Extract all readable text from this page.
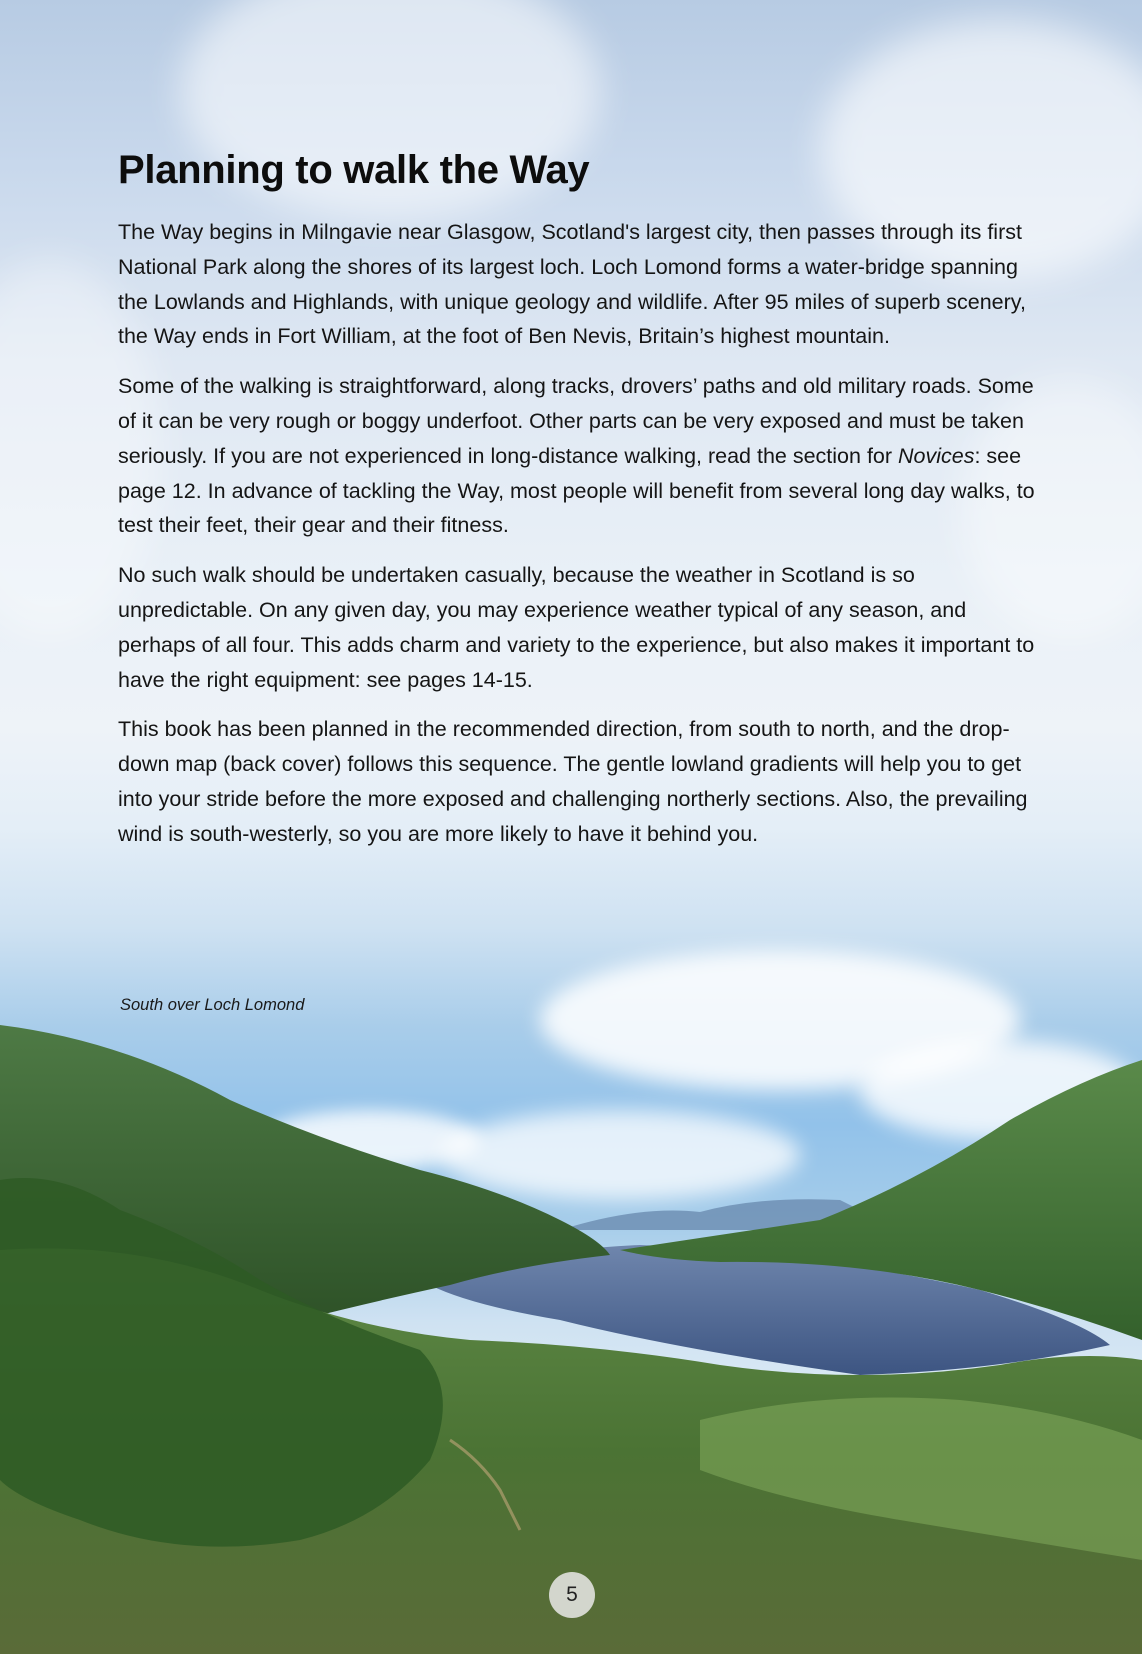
Planning to walk the Way

The Way begins in Milngavie near Glasgow, Scotland's largest city, then passes through its first National Park along the shores of its largest loch. Loch Lomond forms a water-bridge spanning the Lowlands and Highlands, with unique geology and wildlife. After 95 miles of superb scenery, the Way ends in Fort William, at the foot of Ben Nevis, Britain’s highest mountain.

Some of the walking is straightforward, along tracks, drovers’ paths and old military roads. Some of it can be very rough or boggy underfoot. Other parts can be very exposed and must be taken seriously. If you are not experienced in long-distance walking, read the section for Novices: see page 12. In advance of tackling the Way, most people will benefit from several long day walks, to test their feet, their gear and their fitness.

No such walk should be undertaken casually, because the weather in Scotland is so unpredictable. On any given day, you may experience weather typical of any season, and perhaps of all four. This adds charm and variety to the experience, but also makes it important to have the right equipment: see pages 14-15.

This book has been planned in the recommended direction, from south to north, and the drop-down map (back cover) follows this sequence. The gentle lowland gradients will help you to get into your stride before the more exposed and challenging northerly sections. Also, the prevailing wind is south-westerly, so you are more likely to have it behind you.

South over Loch Lomond
5
